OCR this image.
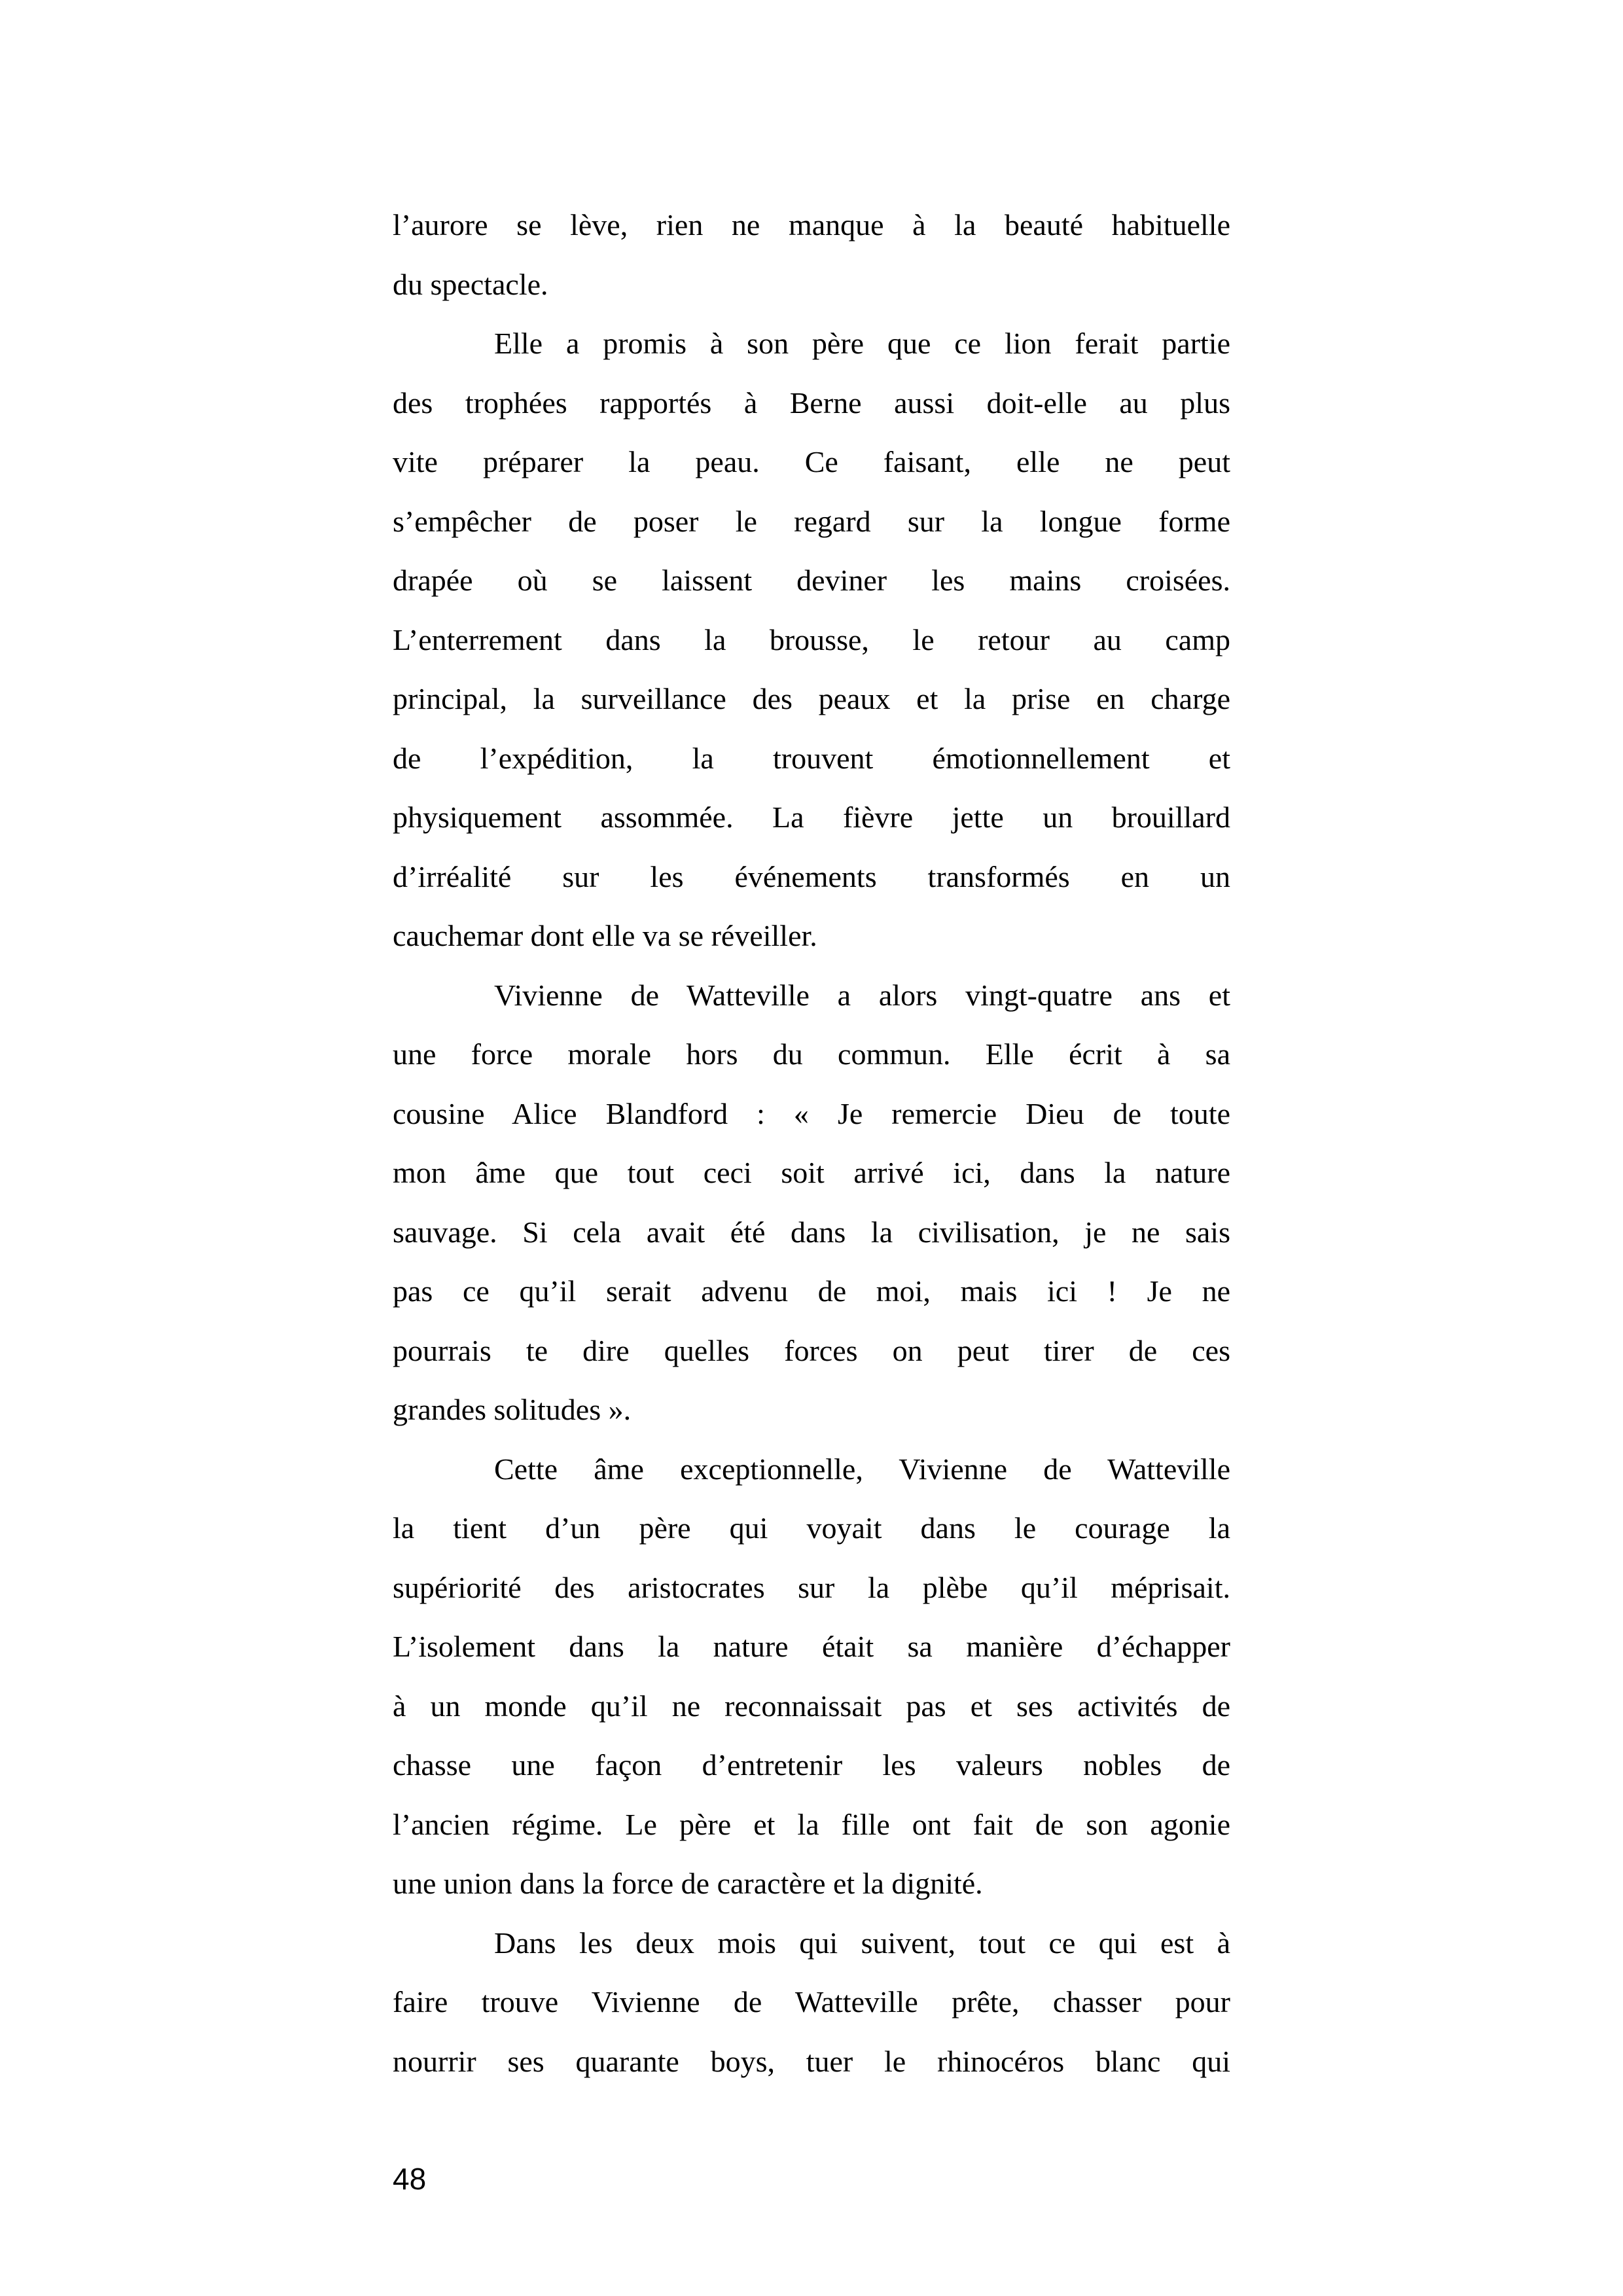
l’aurore se lève, rien ne manque à la beauté habituelle
du spectacle.
Elle a promis à son père que ce lion ferait partie
des trophées rapportés à Berne aussi doit-elle au plus
vite préparer la peau. Ce faisant, elle ne peut
s’empêcher de poser le regard sur la longue forme
drapée où se laissent deviner les mains croisées.
L’enterrement dans la brousse, le retour au camp
principal, la surveillance des peaux et la prise en charge
de l’expédition, la trouvent émotionnellement et
physiquement assommée. La fièvre jette un brouillard
d’irréalité sur les événements transformés en un
cauchemar dont elle va se réveiller.
Vivienne de Watteville a alors vingt-quatre ans et
une force morale hors du commun. Elle écrit à sa
cousine Alice Blandford : « Je remercie Dieu de toute
mon âme que tout ceci soit arrivé ici, dans la nature
sauvage. Si cela avait été dans la civilisation, je ne sais
pas ce qu’il serait advenu de moi, mais ici ! Je ne
pourrais te dire quelles forces on peut tirer de ces
grandes solitudes ».
Cette âme exceptionnelle, Vivienne de Watteville
la tient d’un père qui voyait dans le courage la
supériorité des aristocrates sur la plèbe qu’il méprisait.
L’isolement dans la nature était sa manière d’échapper
à un monde qu’il ne reconnaissait pas et ses activités de
chasse une façon d’entretenir les valeurs nobles de
l’ancien régime. Le père et la fille ont fait de son agonie
une union dans la force de caractère et la dignité.
Dans les deux mois qui suivent, tout ce qui est à
faire trouve Vivienne de Watteville prête, chasser pour
nourrir ses quarante boys, tuer le rhinocéros blanc qui
48
